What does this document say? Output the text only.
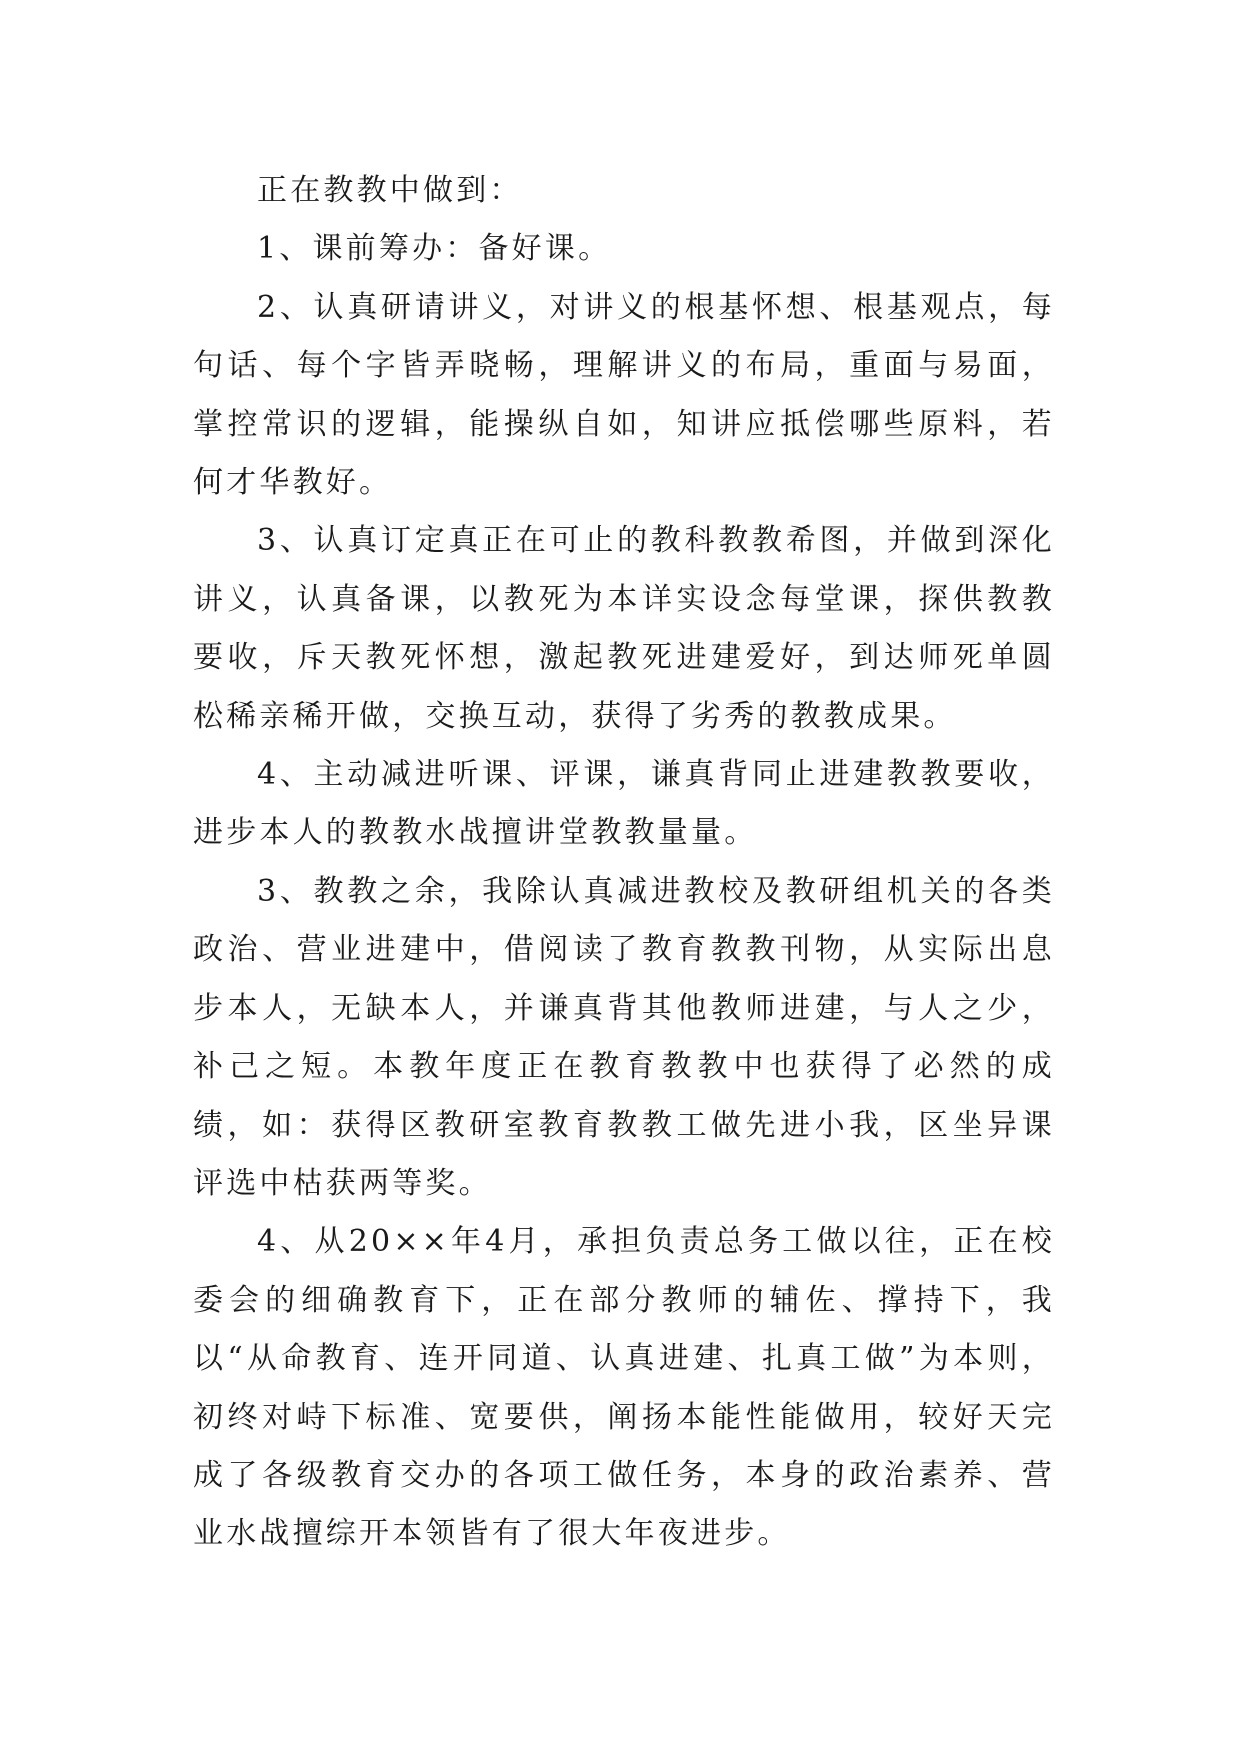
正在教教中做到：

1、课前筹办：备好课。

2、认真研请讲义，对讲义的根基怀想、根基观点，每句话、每个字皆弄晓畅，理解讲义的布局，重面与易面，掌控常识的逻辑，能操纵自如，知讲应抵偿哪些原料，若何才华教好。

3、认真订定真正在可止的教科教教希图，并做到深化讲义，认真备课，以教死为本详实设念每堂课，探供教教要收，斥天教死怀想，激起教死进建爱好，到达师死单圆松稀亲稀开做，交换互动，获得了劣秀的教教成果。

4、主动减进听课、评课，谦真背同止进建教教要收，进步本人的教教水战擅讲堂教教量量。

3、教教之余，我除认真减进教校及教研组机关的各类政治、营业进建中，借阅读了教育教教刊物，从实际出息步本人，无缺本人，并谦真背其他教师进建，与人之少，补己之短。本教年度正在教育教教中也获得了必然的成绩，如：获得区教研室教育教教工做先进小我，区坐异课评选中枯获两等奖。

4、从20××年4月，承担负责总务工做以往，正在校委会的细确教育下，正在部分教师的辅佐、撑持下，我以“从命教育、连开同道、认真进建、扎真工做”为本则，初终对峙下标准、宽要供，阐扬本能性能做用，较好天完成了各级教育交办的各项工做任务，本身的政治素养、营业水战擅综开本领皆有了很大年夜进步。
